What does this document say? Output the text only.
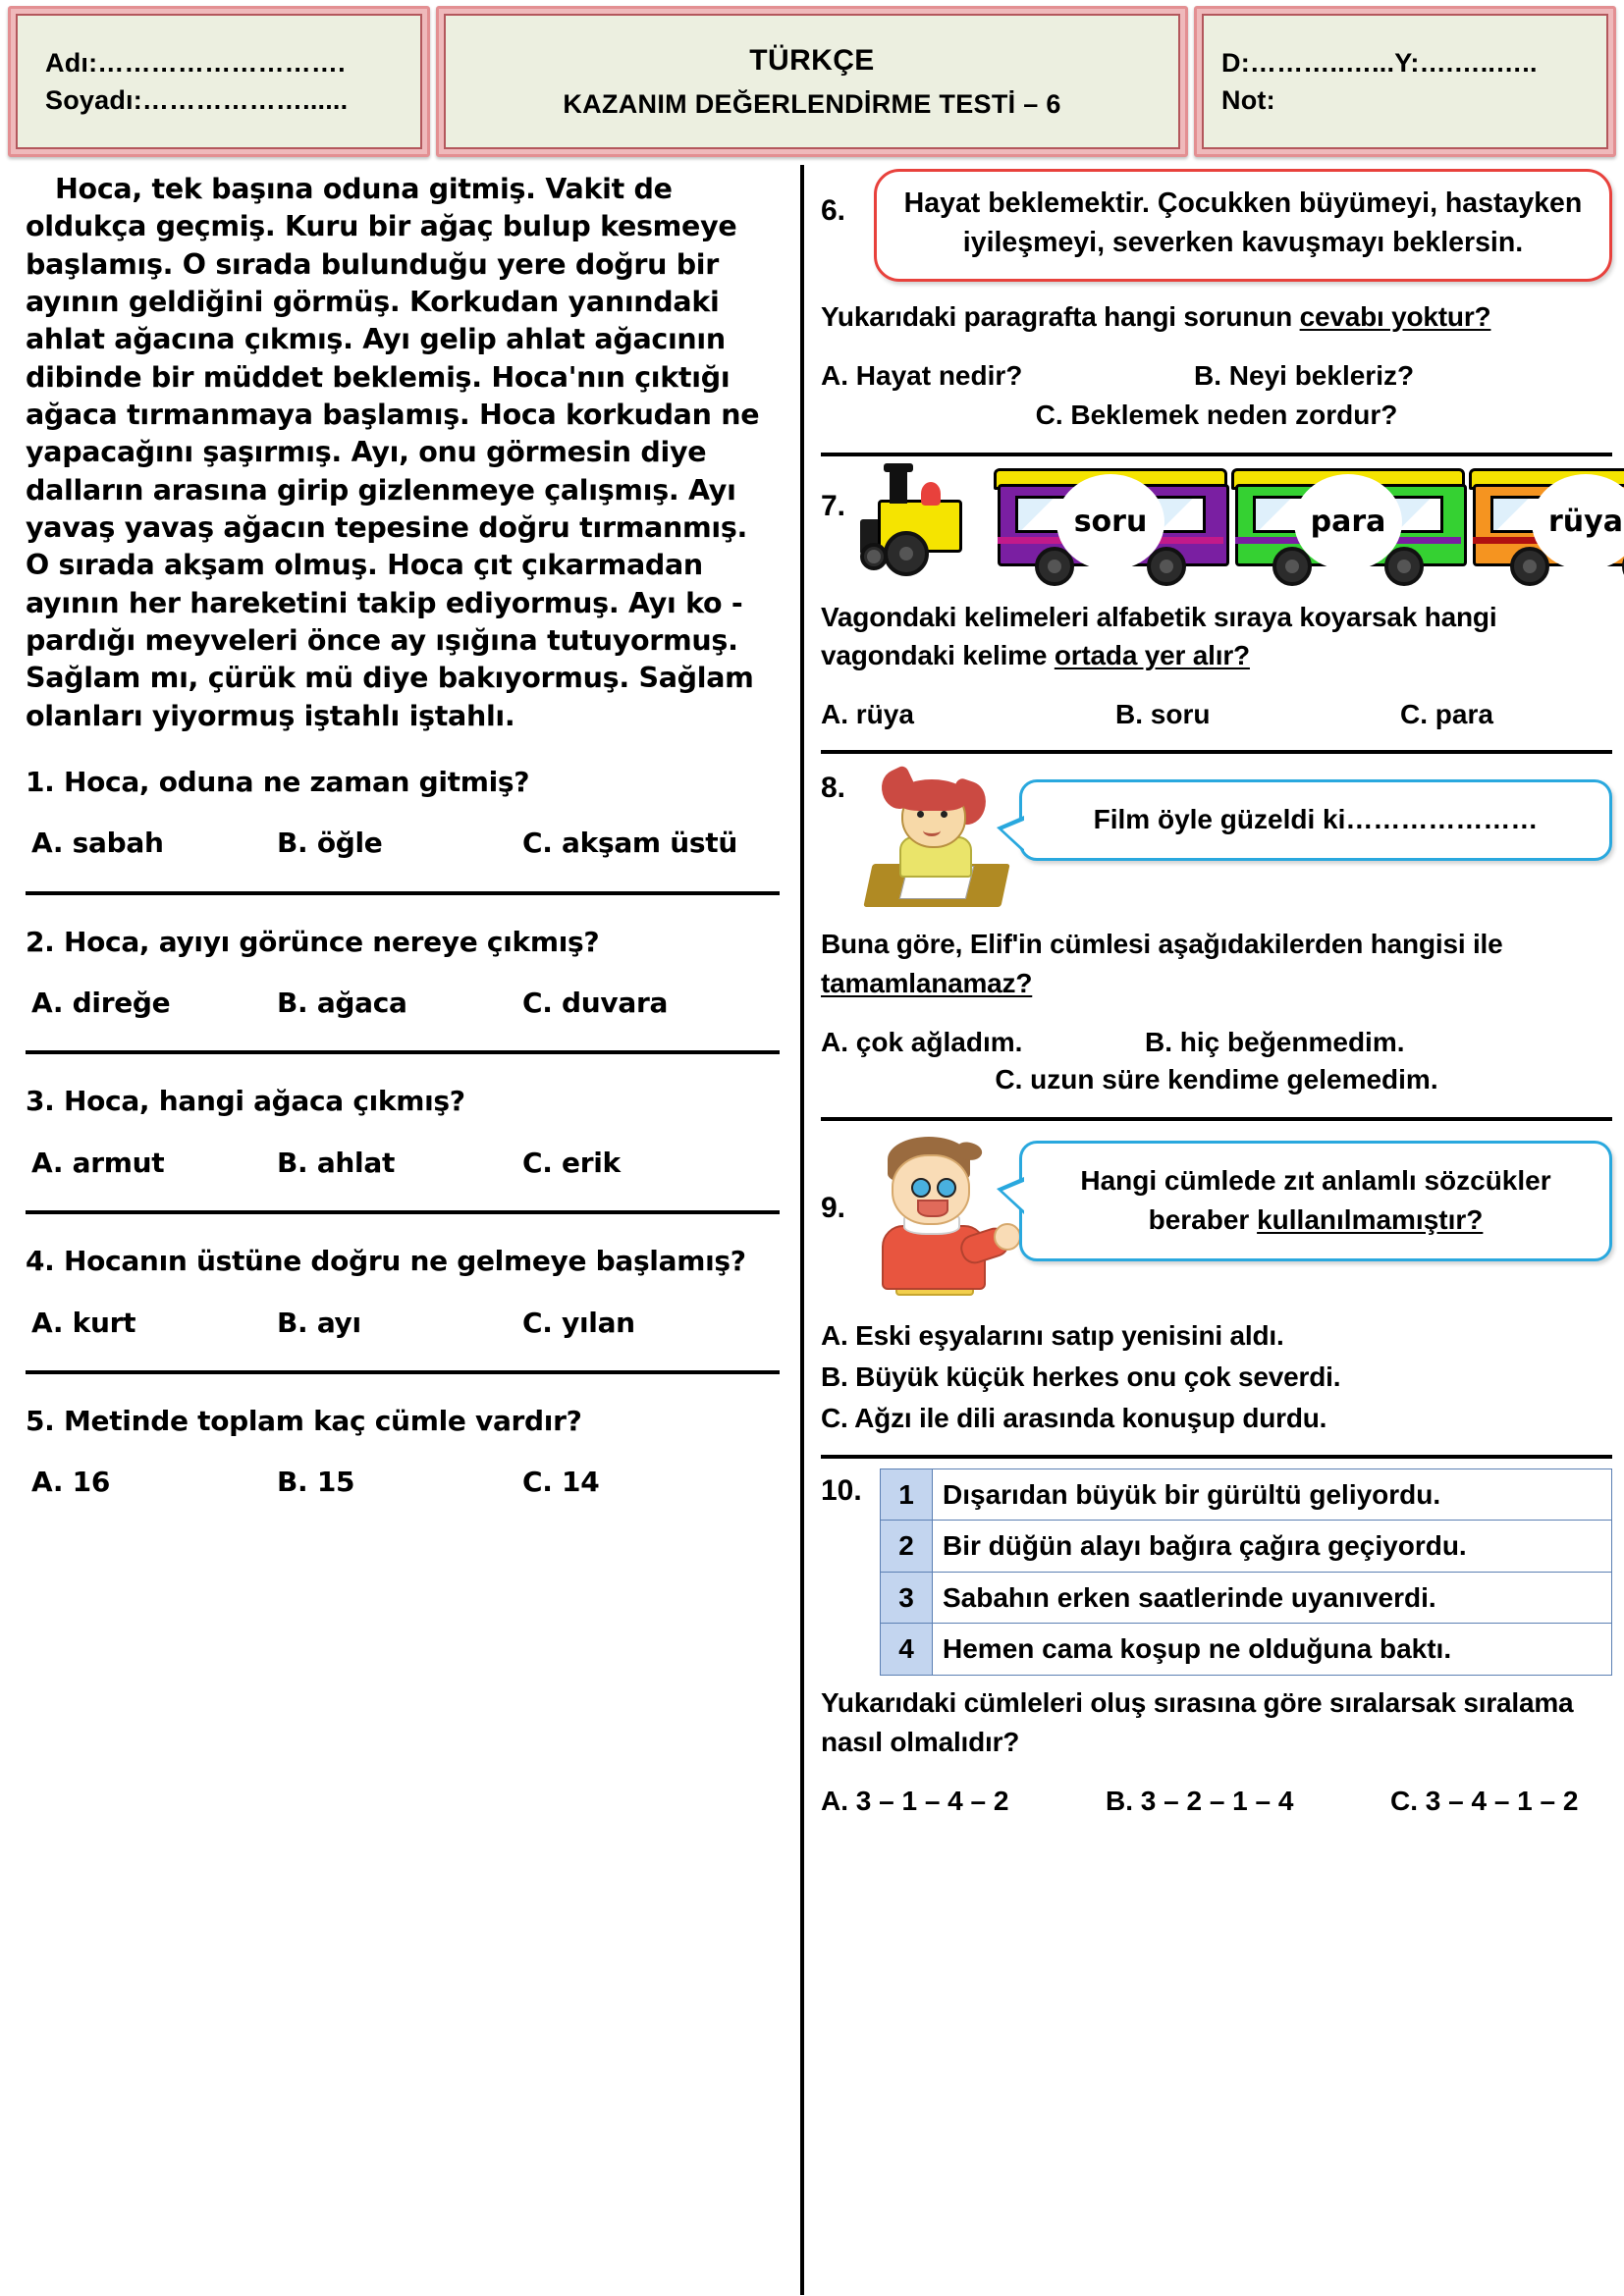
Adı:……………………….
Soyadı:………………......
TÜRKÇE
KAZANIM DEĞERLENDİRME TESTİ – 6
D:………..…...Y:….…..…..
Not:
Hoca, tek başına oduna gitmiş. Vakit de oldukça geçmiş. Kuru bir ağaç bulup kesmeye başlamış. O sırada bulunduğu yere doğru bir ayının geldiğini görmüş. Korkudan yanındaki ahlat ağacına çıkmış. Ayı gelip ahlat ağacının dibinde bir müddet beklemiş. Hoca'nın çıktığı ağaca tırmanmaya başlamış. Hoca korkudan ne yapacağını şaşırmış. Ayı, onu görmesin diye dalların arasına girip gizlenmeye çalışmış. Ayı yavaş yavaş ağacın tepesine doğru tırmanmış. O sırada akşam olmuş. Hoca çıt çıkarmadan ayının her hareketini takip ediyormuş. Ayı ko - pardığı meyveleri önce ay ışığına tutuyormuş. Sağlam mı, çürük mü diye bakıyormuş. Sağlam olanları yiyormuş iştahlı iştahlı.
1. Hoca, oduna ne zaman gitmiş?
A. sabah	B. öğle	C. akşam üstü
2. Hoca, ayıyı görünce nereye çıkmış?
A. direğe	B. ağaca	C. duvara
3. Hoca, hangi ağaca çıkmış?
A. armut	B. ahlat	C. erik
4. Hocanın üstüne doğru ne gelmeye başlamış?
A. kurt	B. ayı	C. yılan
5. Metinde toplam kaç cümle vardır?
A. 16	B. 15	C. 14
6.	Hayat beklemektir. Çocukken büyümeyi, hastayken iyileşmeyi, severken kavuşmayı beklersin.
Yukarıdaki paragrafta hangi sorunun cevabı yoktur?
A. Hayat nedir?	B. Neyi bekleriz?
C. Beklemek neden zordur?
7.	soru	para	rüya
Vagondaki kelimeleri alfabetik sıraya koyarsak hangi vagondaki kelime ortada yer alır?
A. rüya	B. soru	C. para
8.
Film öyle güzeldi ki…………………
Buna göre, Elif'in cümlesi aşağıdakilerden hangisi ile tamamlanamaz?
A. çok ağladım.	B. hiç beğenmedim.
C. uzun süre kendime gelemedim.
9.
Hangi cümlede zıt anlamlı sözcükler beraber kullanılmamıştır?
A. Eski eşyalarını satıp yenisini aldı.
B. Büyük küçük herkes onu çok severdi.
C. Ağzı ile dili arasında konuşup durdu.
10.	1	Dışarıdan büyük bir gürültü geliyordu.
2	Bir düğün alayı bağıra çağıra geçiyordu.
3	Sabahın erken saatlerinde uyanıverdi.
4	Hemen cama koşup ne olduğuna baktı.
Yukarıdaki cümleleri oluş sırasına göre sıralarsak sıralama nasıl olmalıdır?
A. 3 – 1 – 4 – 2	B. 3 – 2 – 1 – 4	C. 3 – 4 – 1 – 2
